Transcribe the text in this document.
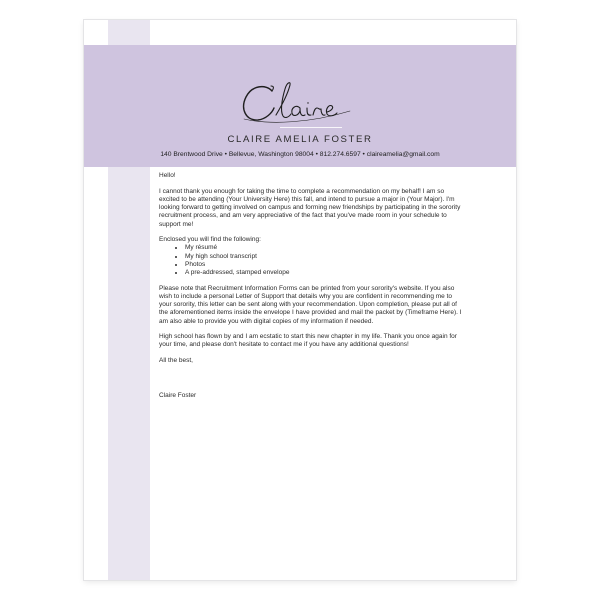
CLAIRE AMELIA FOSTER
140 Brentwood Drive • Bellevue, Washington 98004 • 812.274.6597 • claireamelia@gmail.com

Hello!

I cannot thank you enough for taking the time to complete a recommendation on my behalf! I am so excited to be attending (Your University Here) this fall, and intend to pursue a major in (Your Major). I'm looking forward to getting involved on campus and forming new friendships by participating in the sorority recruitment process, and am very appreciative of the fact that you've made room in your schedule to support me!

Enclosed you will find the following:

• My résumé
• My high school transcript
• Photos
• A pre-addressed, stamped envelope

Please note that Recruitment Information Forms can be printed from your sorority's website. If you also wish to include a personal Letter of Support that details why you are confident in recommending me to your sorority, this letter can be sent along with your recommendation. Upon completion, please put all of the aforementioned items inside the envelope I have provided and mail the packet by (Timeframe Here). I am also able to provide you with digital copies of my information if needed.

High school has flown by and I am ecstatic to start this new chapter in my life. Thank you once again for your time, and please don't hesitate to contact me if you have any additional questions!

All the best,

Claire Foster
